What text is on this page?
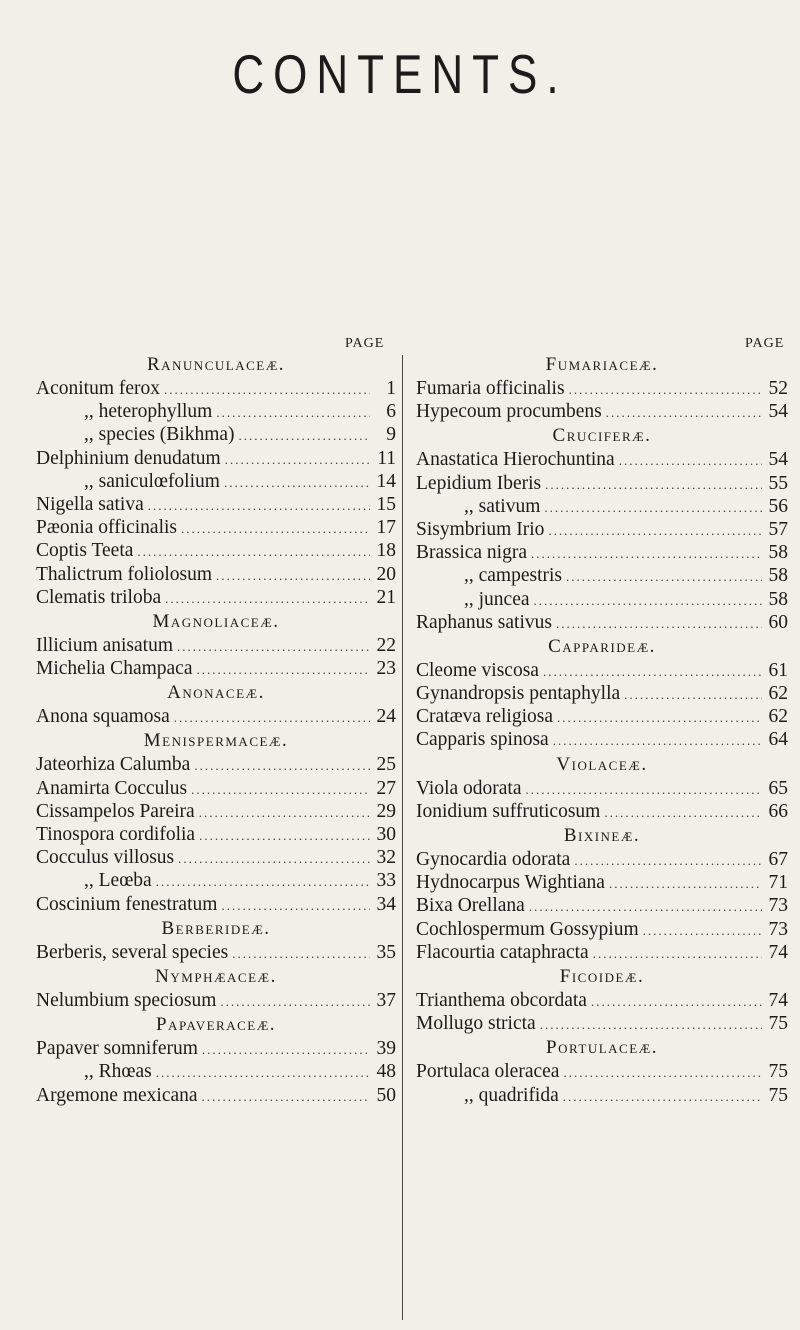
CONTENTS.
PAGE	PAGE
Ranunculaceæ.
Aconitum ferox .....	1
,, heterophyllum .....	6
,, species (Bikhma) .....	9
Delphinium denudatum .....	11
,, saniculœfolium .....	14
Nigella sativa .....	15
Pæonia officinalis .....	17
Coptis Teeta .....	18
Thalictrum foliolosum .....	20
Clematis triloba .....	21
Magnoliaceæ.
Illicium anisatum .....	22
Michelia Champaca .....	23
Anonaceæ.
Anona squamosa .....	24
Menispermaceæ.
Jateorhiza Calumba .....	25
Anamirta Cocculus .....	27
Cissampelos Pareira .....	29
Tinospora cordifolia .....	30
Cocculus villosus .....	32
,, Leœba .....	33
Coscinium fenestratum .....	34
Berberideæ.
Berberis, several species .....	35
Nymphæaceæ.
Nelumbium speciosum .....	37
Papaveraceæ.
Papaver somniferum .....	39
,, Rhœas .....	48
Argemone mexicana .....	50
Fumariaceæ.
Fumaria officinalis .....	52
Hypecoum procumbens .....	54
Cruciferæ.
Anastatica Hierochuntina .....	54
Lepidium Iberis .....	55
,, sativum .....	56
Sisymbrium Irio .....	57
Brassica nigra .....	58
,, campestris .....	58
,, juncea .....	58
Raphanus sativus .....	60
Capparideæ.
Cleome viscosa .....	61
Gynandropsis pentaphylla .....	62
Cratæva religiosa .....	62
Capparis spinosa .....	64
Violaceæ.
Viola odorata .....	65
Ionidium suffruticosum .....	66
Bixineæ.
Gynocardia odorata .....	67
Hydnocarpus Wightiana .....	71
Bixa Orellana .....	73
Cochlospermum Gossypium .....	73
Flacourtia cataphracta .....	74
Ficoideæ.
Trianthema obcordata .....	74
Mollugo stricta .....	75
Portulaceæ.
Portulaca oleracea .....	75
,, quadrifida .....	75
